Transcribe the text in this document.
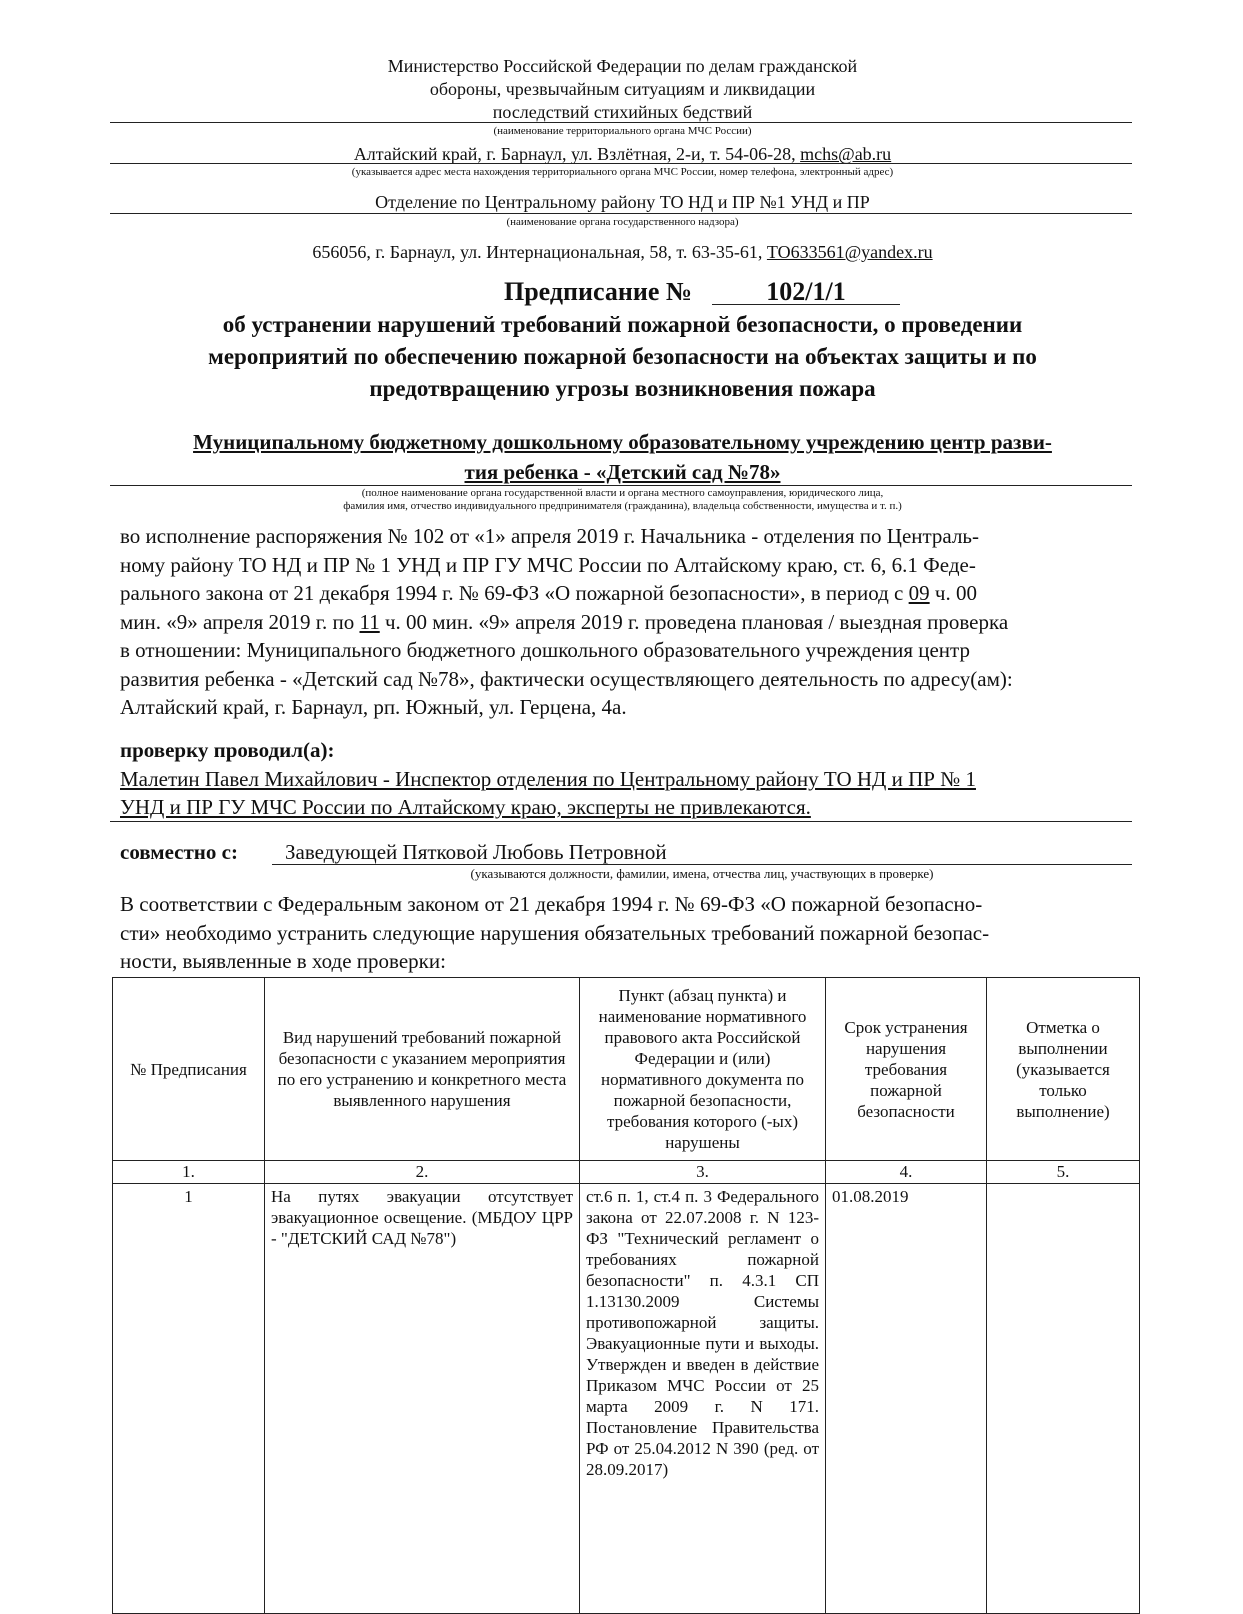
Министерство Российской Федерации по делам гражданской
обороны, чрезвычайным ситуациям и ликвидации
последствий стихийных бедствий
(наименование территориального органа МЧС России)
Алтайский край, г. Барнаул, ул. Взлётная, 2-и, т. 54-06-28, mchs@ab.ru
(указывается адрес места нахождения территориального органа МЧС России, номер телефона, электронный адрес)
Отделение по Центральному району ТО НД и ПР №1 УНД и ПР
(наименование органа государственного надзора)
656056, г. Барнаул, ул. Интернациональная, 58, т. 63-35-61, TO633561@yandex.ru
Предписание №	102/1/1
об устранении нарушений требований пожарной безопасности, о проведении
мероприятий по обеспечению пожарной безопасности на объектах защиты и по
предотвращению угрозы возникновения пожара
Муниципальному бюджетному дошкольному образовательному учреждению центр разви-
тия ребенка - «Детский сад №78»
(полное наименование органа государственной власти и органа местного самоуправления, юридического лица,
фамилия имя, отчество индивидуального предпринимателя (гражданина), владельца собственности, имущества и т. п.)
во исполнение распоряжения № 102 от «1» апреля 2019 г. Начальника - отделения по Централь-
ному району ТО НД и ПР № 1 УНД и ПР ГУ МЧС России по Алтайскому краю, ст. 6, 6.1 Феде-
рального закона от 21 декабря 1994 г. № 69-ФЗ «О пожарной безопасности», в период с 09 ч. 00
мин. «9» апреля 2019 г. по 11 ч. 00 мин. «9» апреля 2019 г. проведена плановая / выездная проверка
в отношении: Муниципального бюджетного дошкольного образовательного учреждения центр
развития ребенка - «Детский сад №78», фактически осуществляющего деятельность по адресу(ам):
Алтайский край, г. Барнаул, рп. Южный, ул. Герцена, 4а.
проверку проводил(а):
Малетин Павел Михайлович - Инспектор отделения по Центральному району ТО НД и ПР № 1
УНД и ПР ГУ МЧС России по Алтайскому краю, эксперты не привлекаются.
совместно с: Заведующей Пятковой Любовь Петровной
(указываются должности, фамилии, имена, отчества лиц, участвующих в проверке)
В соответствии с Федеральным законом от 21 декабря 1994 г. № 69-ФЗ «О пожарной безопасно-
сти» необходимо устранить следующие нарушения обязательных требований пожарной безопас-
ности, выявленные в ходе проверки:
№ Предписания	Вид нарушений требований пожарной безопасности с указанием мероприятия по его устранению и конкретного места выявленного нарушения	Пункт (абзац пункта) и наименование нормативного правового акта Российской Федерации и (или) нормативного документа по пожарной безопасности, требования которого (-ых) нарушены	Срок устранения нарушения требования пожарной безопасности	Отметка о выполнении (указывается только выполнение)
1.	2.	3.	4.	5.
1	На путях эвакуации отсутствует эвакуационное освещение. (МБДОУ ЦРР - "ДЕТСКИЙ САД №78")	ст.6 п. 1, ст.4 п. 3 Федерального закона от 22.07.2008 г. N 123-ФЗ "Технический регламент о требованиях пожарной безопасности" п. 4.3.1 СП 1.13130.2009 Системы противопожарной защиты. Эвакуационные пути и выходы. Утвержден и введен в действие Приказом МЧС России от 25 марта 2009 г. N 171. Постановление Правительства РФ от 25.04.2012 N 390 (ред. от 28.09.2017)	01.08.2019	
